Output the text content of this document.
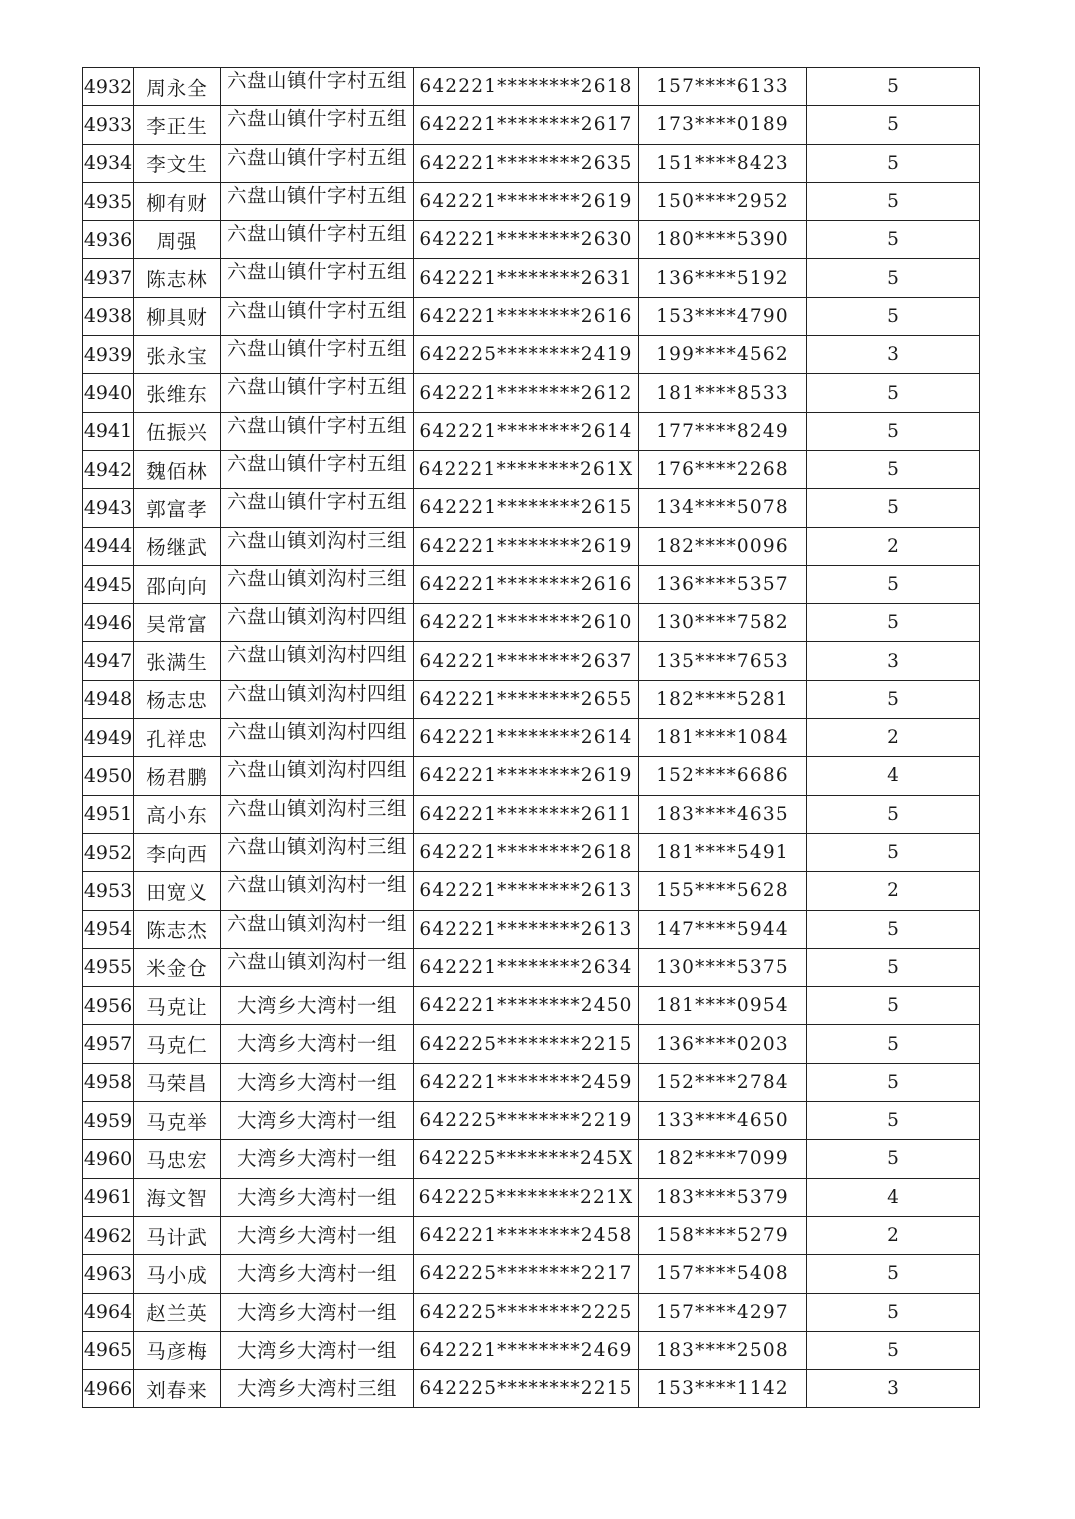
4932	周永全	六盘山镇什字村五组	642221********2618	157****6133	5
4933	李正生	六盘山镇什字村五组	642221********2617	173****0189	5
4934	李文生	六盘山镇什字村五组	642221********2635	151****8423	5
4935	柳有财	六盘山镇什字村五组	642221********2619	150****2952	5
4936	周强	六盘山镇什字村五组	642221********2630	180****5390	5
4937	陈志林	六盘山镇什字村五组	642221********2631	136****5192	5
4938	柳具财	六盘山镇什字村五组	642221********2616	153****4790	5
4939	张永宝	六盘山镇什字村五组	642225********2419	199****4562	3
4940	张维东	六盘山镇什字村五组	642221********2612	181****8533	5
4941	伍振兴	六盘山镇什字村五组	642221********2614	177****8249	5
4942	魏佰林	六盘山镇什字村五组	642221********261X	176****2268	5
4943	郭富孝	六盘山镇什字村五组	642221********2615	134****5078	5
4944	杨继武	六盘山镇刘沟村三组	642221********2619	182****0096	2
4945	邵向向	六盘山镇刘沟村三组	642221********2616	136****5357	5
4946	吴常富	六盘山镇刘沟村四组	642221********2610	130****7582	5
4947	张满生	六盘山镇刘沟村四组	642221********2637	135****7653	3
4948	杨志忠	六盘山镇刘沟村四组	642221********2655	182****5281	5
4949	孔祥忠	六盘山镇刘沟村四组	642221********2614	181****1084	2
4950	杨君鹏	六盘山镇刘沟村四组	642221********2619	152****6686	4
4951	高小东	六盘山镇刘沟村三组	642221********2611	183****4635	5
4952	李向西	六盘山镇刘沟村三组	642221********2618	181****5491	5
4953	田宽义	六盘山镇刘沟村一组	642221********2613	155****5628	2
4954	陈志杰	六盘山镇刘沟村一组	642221********2613	147****5944	5
4955	米金仓	六盘山镇刘沟村一组	642221********2634	130****5375	5
4956	马克让	大湾乡大湾村一组	642221********2450	181****0954	5
4957	马克仁	大湾乡大湾村一组	642225********2215	136****0203	5
4958	马荣昌	大湾乡大湾村一组	642221********2459	152****2784	5
4959	马克举	大湾乡大湾村一组	642225********2219	133****4650	5
4960	马忠宏	大湾乡大湾村一组	642225********245X	182****7099	5
4961	海文智	大湾乡大湾村一组	642225********221X	183****5379	4
4962	马计武	大湾乡大湾村一组	642221********2458	158****5279	2
4963	马小成	大湾乡大湾村一组	642225********2217	157****5408	5
4964	赵兰英	大湾乡大湾村一组	642225********2225	157****4297	5
4965	马彦梅	大湾乡大湾村一组	642221********2469	183****2508	5
4966	刘春来	大湾乡大湾村三组	642225********2215	153****1142	3
